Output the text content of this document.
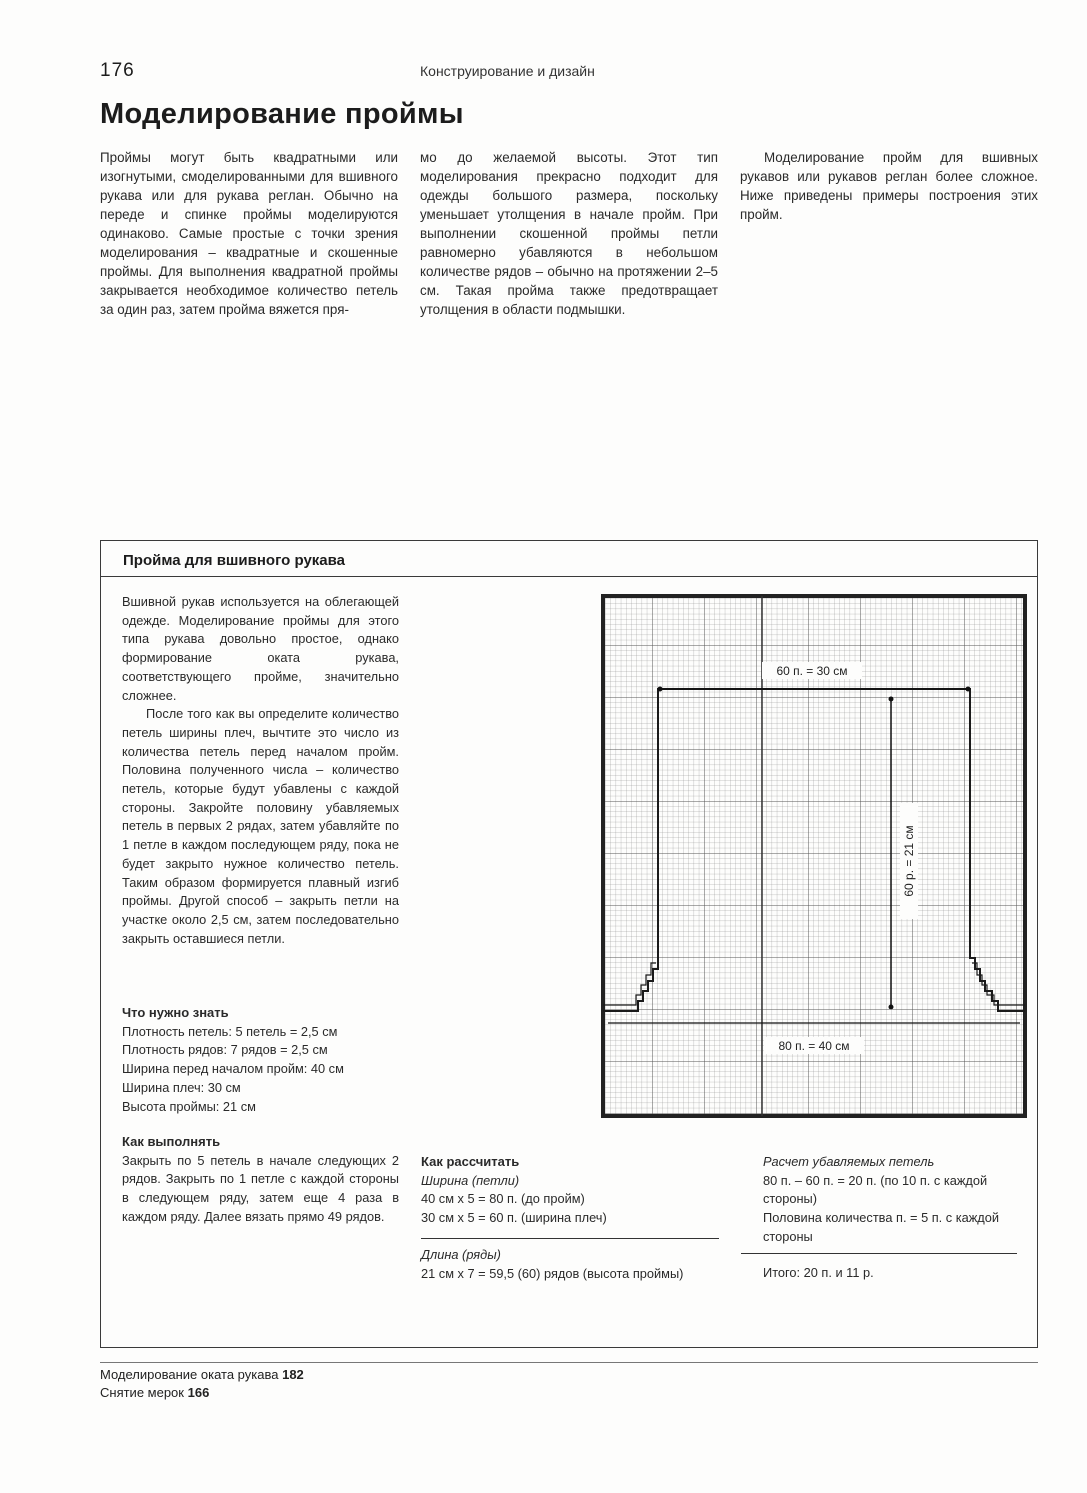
176	Конструирование и дизайн
Моделирование проймы

Проймы могут быть квадратными или изогнутыми, смоделированными для вшивного рукава или для рукава реглан. Обычно на переде и спинке проймы моделируются одинаково. Самые простые с точки зрения моделирования – квадратные и скошенные проймы. Для выполнения квадратной проймы закрывается необходимое количество петель за один раз, затем пройма вяжется пря-

мо до желаемой высоты. Этот тип моделирования прекрасно подходит для одежды большого размера, поскольку уменьшает утолщения в начале пройм. При выполнении скошенной проймы петли равномерно убавляются в небольшом количестве рядов – обычно на протяжении 2–5 см. Такая пройма также предотвращает утолщения в области подмышки.

Моделирование пройм для вшивных рукавов или рукавов реглан более сложное. Ниже приведены примеры построения этих пройм.

Пройма для вшивного рукава

Вшивной рукав используется на облегающей одежде. Моделирование проймы для этого типа рукава довольно простое, однако формирование оката рукава, соответствующего пройме, значительно сложнее.

После того как вы определите количество петель ширины плеч, вычтите это число из количества петель перед началом пройм. Половина полученного числа – количество петель, которые будут убавлены с каждой стороны. Закройте половину убавляемых петель в первых 2 рядах, затем убавляйте по 1 петле в каждом последующем ряду, пока не будет закрыто нужное количество петель. Таким образом формируется плавный изгиб проймы. Другой способ – закрыть петли на участке около 2,5 см, затем последовательно закрыть оставшиеся петли.

Что нужно знать

Плотность петель: 5 петель = 2,5 см
Плотность рядов: 7 рядов = 2,5 см
Ширина перед началом пройм: 40 см
Ширина плеч: 30 см
Высота проймы: 21 см

Как выполнять

Закрыть по 5 петель в начале следующих 2 рядов. Закрыть по 1 петле с каждой стороны в следующем ряду, затем еще 4 раза в каждом ряду. Далее вязать прямо 49 рядов.

Как рассчитать

Ширина (петли)
40 см x 5 = 80 п. (до пройм)
30 см x 5 = 60 п. (ширина плеч)
Длина (ряды)
21 см x 7 = 59,5 (60) рядов (высота проймы)
Расчет убавляемых петель
80 п. – 60 п. = 20 п. (по 10 п. с каждой стороны)
Половина количества п. = 5 п. с каждой стороны
Итого: 20 п. и 11 р.
60 п. = 30 см
60 р. = 21 см
80 п. = 40 см
Моделирование оката рукава 182
Снятие мерок 166
